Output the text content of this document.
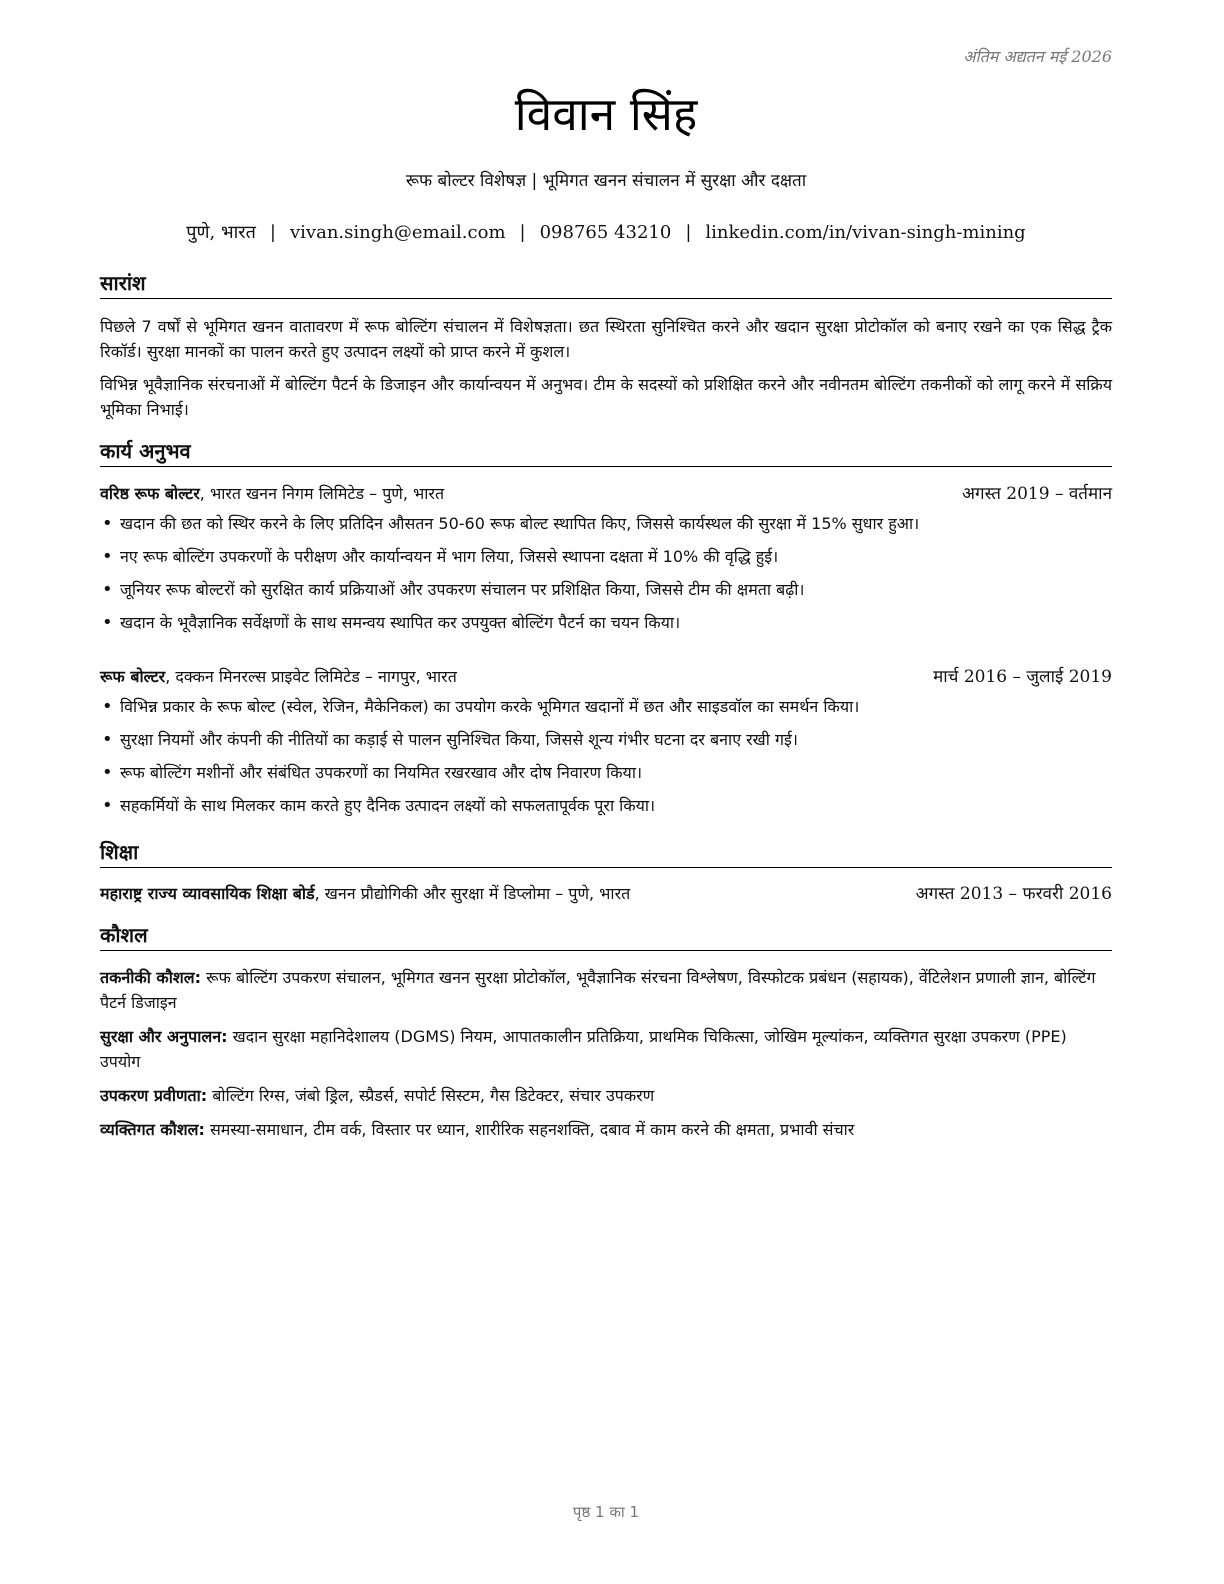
अंतिम अद्यतन मई 2026
विवान सिंह
रूफ बोल्टर विशेषज्ञ | भूमिगत खनन संचालन में सुरक्षा और दक्षता
पुणे, भारत | vivan.singh@email.com | 098765 43210 | linkedin.com/in/vivan-singh-mining
सारांश
पिछले 7 वर्षों से भूमिगत खनन वातावरण में रूफ बोल्टिंग संचालन में विशेषज्ञता। छत स्थिरता सुनिश्चित करने और खदान सुरक्षा प्रोटोकॉल को बनाए रखने का एक सिद्ध ट्रैक रिकॉर्ड। सुरक्षा मानकों का पालन करते हुए उत्पादन लक्ष्यों को प्राप्त करने में कुशल।
विभिन्न भूवैज्ञानिक संरचनाओं में बोल्टिंग पैटर्न के डिजाइन और कार्यान्वयन में अनुभव। टीम के सदस्यों को प्रशिक्षित करने और नवीनतम बोल्टिंग तकनीकों को लागू करने में सक्रिय भूमिका निभाई।
कार्य अनुभव
वरिष्ठ रूफ बोल्टर, भारत खनन निगम लिमिटेड – पुणे, भारत	अगस्त 2019 – वर्तमान
• खदान की छत को स्थिर करने के लिए प्रतिदिन औसतन 50-60 रूफ बोल्ट स्थापित किए, जिससे कार्यस्थल की सुरक्षा में 15% सुधार हुआ।
• नए रूफ बोल्टिंग उपकरणों के परीक्षण और कार्यान्वयन में भाग लिया, जिससे स्थापना दक्षता में 10% की वृद्धि हुई।
• जूनियर रूफ बोल्टरों को सुरक्षित कार्य प्रक्रियाओं और उपकरण संचालन पर प्रशिक्षित किया, जिससे टीम की क्षमता बढ़ी।
• खदान के भूवैज्ञानिक सर्वेक्षणों के साथ समन्वय स्थापित कर उपयुक्त बोल्टिंग पैटर्न का चयन किया।
रूफ बोल्टर, दक्कन मिनरल्स प्राइवेट लिमिटेड – नागपुर, भारत	मार्च 2016 – जुलाई 2019
• विभिन्न प्रकार के रूफ बोल्ट (स्वेल, रेजिन, मैकेनिकल) का उपयोग करके भूमिगत खदानों में छत और साइडवॉल का समर्थन किया।
• सुरक्षा नियमों और कंपनी की नीतियों का कड़ाई से पालन सुनिश्चित किया, जिससे शून्य गंभीर घटना दर बनाए रखी गई।
• रूफ बोल्टिंग मशीनों और संबंधित उपकरणों का नियमित रखरखाव और दोष निवारण किया।
• सहकर्मियों के साथ मिलकर काम करते हुए दैनिक उत्पादन लक्ष्यों को सफलतापूर्वक पूरा किया।
शिक्षा
महाराष्ट्र राज्य व्यावसायिक शिक्षा बोर्ड, खनन प्रौद्योगिकी और सुरक्षा में डिप्लोमा – पुणे, भारत	अगस्त 2013 – फरवरी 2016
कौशल
तकनीकी कौशल: रूफ बोल्टिंग उपकरण संचालन, भूमिगत खनन सुरक्षा प्रोटोकॉल, भूवैज्ञानिक संरचना विश्लेषण, विस्फोटक प्रबंधन (सहायक), वेंटिलेशन प्रणाली ज्ञान, बोल्टिंग पैटर्न डिजाइन
सुरक्षा और अनुपालन: खदान सुरक्षा महानिदेशालय (DGMS) नियम, आपातकालीन प्रतिक्रिया, प्राथमिक चिकित्सा, जोखिम मूल्यांकन, व्यक्तिगत सुरक्षा उपकरण (PPE) उपयोग
उपकरण प्रवीणता: बोल्टिंग रिग्स, जंबो ड्रिल, स्प्रैडर्स, सपोर्ट सिस्टम, गैस डिटेक्टर, संचार उपकरण
व्यक्तिगत कौशल: समस्या-समाधान, टीम वर्क, विस्तार पर ध्यान, शारीरिक सहनशक्ति, दबाव में काम करने की क्षमता, प्रभावी संचार
पृष्ठ 1 का 1
